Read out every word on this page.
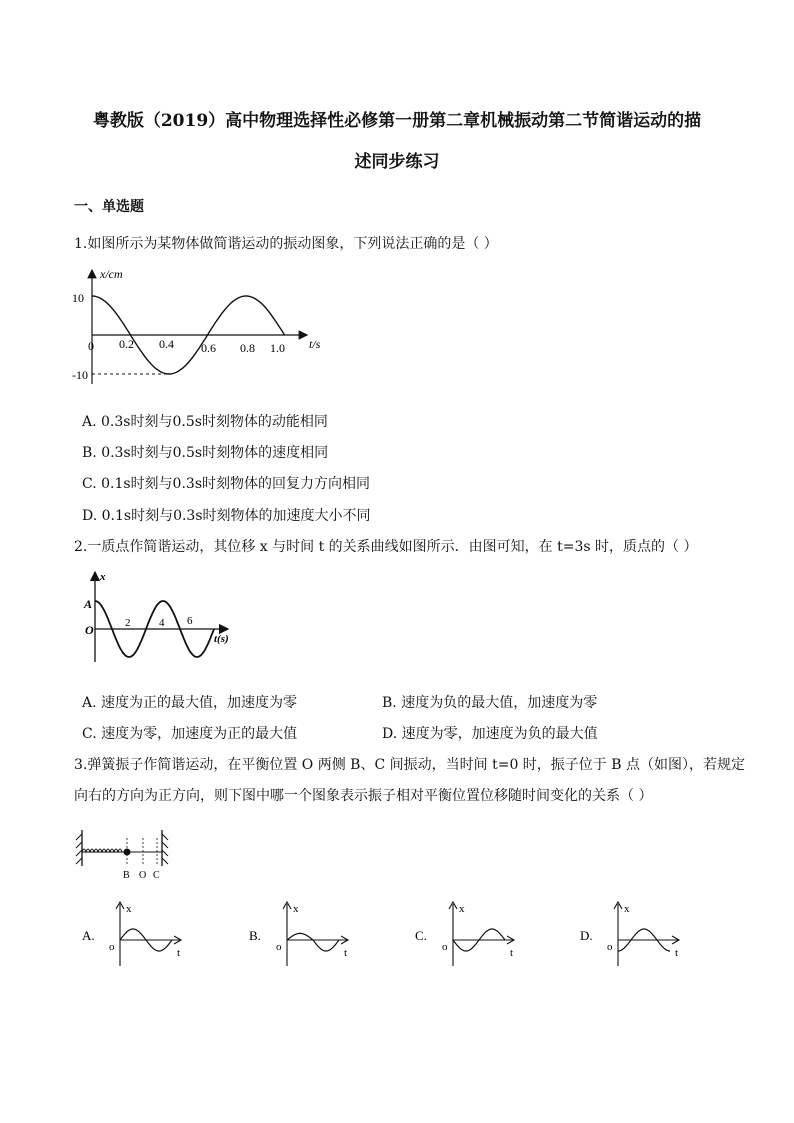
粤教版（2019）高中物理选择性必修第一册第二章机械振动第二节简谐运动的描
述同步练习
一、单选题
1.如图所示为某物体做简谐运动的振动图象，下列说法正确的是（ ）
x/cm
10
-10
0 0.2 0.4 0.6 0.8 1.0 t/s
A. 0.3s时刻与0.5s时刻物体的动能相同
B. 0.3s时刻与0.5s时刻物体的速度相同
C. 0.1s时刻与0.3s时刻物体的回复力方向相同
D. 0.1s时刻与0.3s时刻物体的加速度大小不同
2.一质点作简谐运动，其位移 x 与时间 t 的关系曲线如图所示．由图可知，在 t=3s 时，质点的（ ）
x
A
O	2	4 6
t(s)
A. 速度为正的最大值，加速度为零	B. 速度为负的最大值，加速度为零
C. 速度为零，加速度为正的最大值	D. 速度为零，加速度为负的最大值
3.弹簧振子作简谐运动，在平衡位置 O 两侧 B、C 间振动，当时间 t=0 时，振子位于 B 点（如图），若规定
向右的方向为正方向，则下图中哪一个图象表示振子相对平衡位置位移随时间变化的关系（ ）
B O C
A.
x
o	t
B.
x
o	t
C.
x
o	t
D.
x
o	t
